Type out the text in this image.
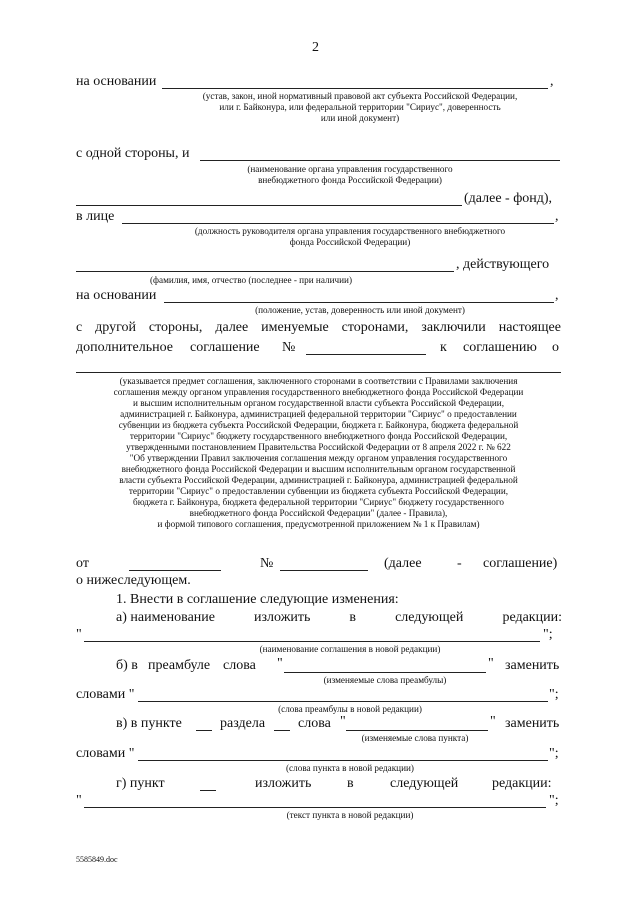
2
на основании	,
(устав, закон, иной нормативный правовой акт субъекта Российской Федерации,
или г. Байконура, или федеральной территории "Сириус", доверенность
или иной документ)
с одной стороны, и
(наименование органа управления государственного
внебюджетного фонда Российской Федерации)
(далее - фонд),
в лице	,
(должность руководителя органа управления государственного внебюджетного
фонда Российской Федерации)
, действующего
(фамилия, имя, отчество (последнее - при наличии)
на основании	,
(положение, устав, доверенность или иной документ)
с другой стороны, далее именуемые сторонами, заключили настоящее
дополнительное соглашение №	к соглашению о
(указывается предмет соглашения, заключенного сторонами в соответствии с Правилами заключения
соглашения между органом управления государственного внебюджетного фонда Российской Федерации
и высшим исполнительным органом государственной власти субъекта Российской Федерации,
администрацией г. Байконура, администрацией федеральной территории "Сириус" о предоставлении
субвенции из бюджета субъекта Российской Федерации, бюджета г. Байконура, бюджета федеральной
территории "Сириус" бюджету государственного внебюджетного фонда Российской Федерации,
утвержденными постановлением Правительства Российской Федерации от 8 апреля 2022 г. № 622
"Об утверждении Правил заключения соглашения между органом управления государственного
внебюджетного фонда Российской Федерации и высшим исполнительным органом государственной
власти субъекта Российской Федерации, администрацией г. Байконура, администрацией федеральной
территории "Сириус" о предоставлении субвенции из бюджета субъекта Российской Федерации,
бюджета г. Байконура, бюджета федеральной территории "Сириус" бюджету государственного
внебюджетного фонда Российской Федерации" (далее - Правила),
и формой типового соглашения, предусмотренной приложением № 1 к Правилам)
от	№	(далее	- соглашение)
о нижеследующем.
1. Внести в соглашение следующие изменения:
а) наименование	изложить	в	следующей	редакции:
"	";
(наименование соглашения в новой редакции)
б) в преамбуле слова "	" заменить
(изменяемые слова преамбулы)
словами "	";
(слова преамбулы в новой редакции)
в) в пункте	раздела слова "	" заменить
(изменяемые слова пункта)
словами "	";
(слова пункта в новой редакции)
г) пункт	изложить	в	следующей редакции:
"	";
(текст пункта в новой редакции)
5585849.doc
